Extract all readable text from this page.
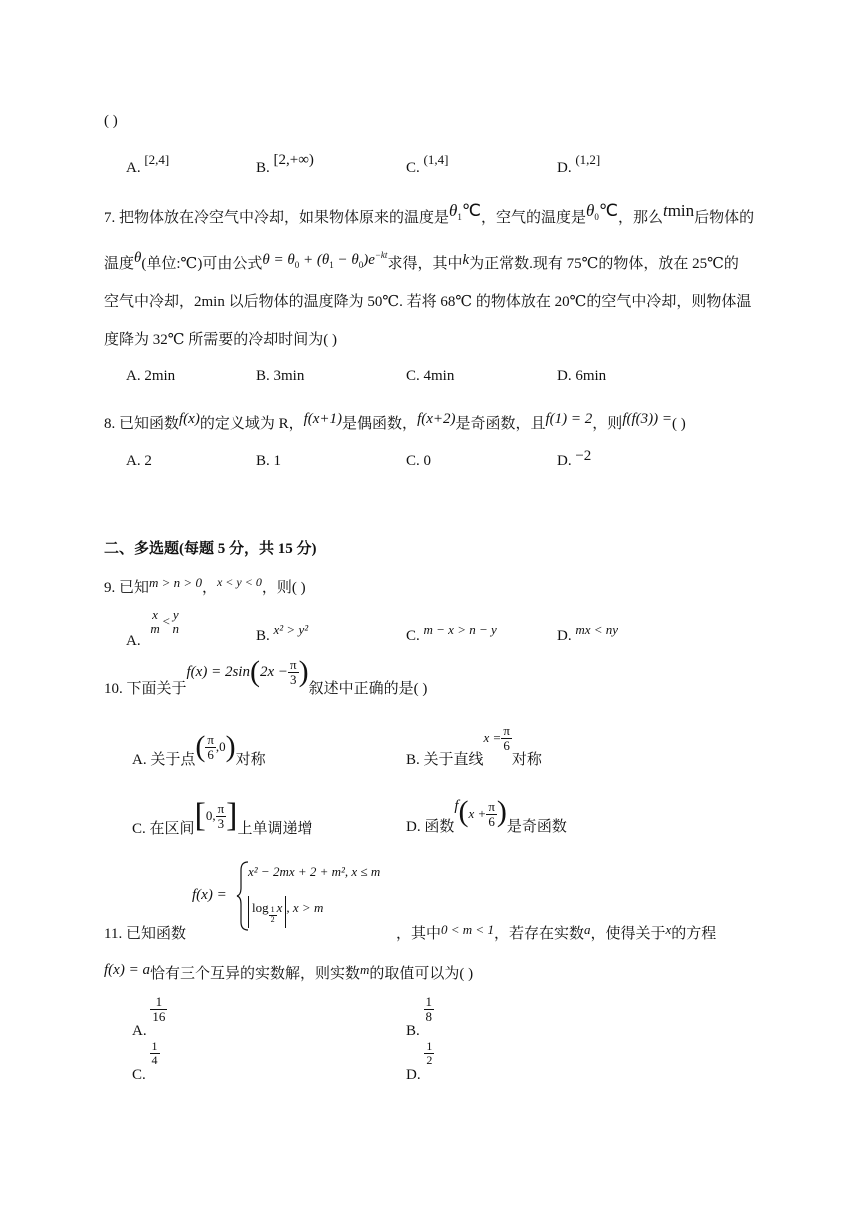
( )
A. [2,4]
B. [2,+∞)	C. (1,4]
D. (1,2]
7. 把物体放在冷空气中冷却，如果物体原来的温度是$\theta_1℃$，空气的温度是$\theta_0℃$，那么tmin后物体的
温度θ(单位:℃)可由公式$\theta = \theta_0 + (\theta_1 - \theta_0)e^{-kt}$求得，其中k为正常数.现有 75℃的物体，放在 25℃的
空气中冷却，2min 以后物体的温度降为 50℃. 若将 68℃ 的物体放在 20℃的空气中冷却，则物体温
度降为 32℃ 所需要的冷却时间为( )
A. 2min	B. 3min	C. 4min	D. 6min
8. 已知函数f(x)的定义域为 R，f(x+1)是偶函数，f(x+2)是奇函数，且f(1) = 2，则f(f(3)) =( )
A. 2	B. 1	C. 0	D. −2
二、多选题(每题 5 分，共 15 分)
9. 已知m > n > 0，$^{x < y < 0}$，则( )
A.
x
m < y
n	B. x² > y²	C. m − x > n − y	D. mx < ny
10. 下面关于$f(x) = 2\sin(2x - \frac{\pi}{3}$ )叙述中正确的是( )
A. 关于点( $\frac{\pi}{6} ,0$)对称	B. 关于直线$x = \frac{\pi}{6}$
对称
C. 在区间[0, $\frac{\pi}{3}$ ]上单调递增	D. 函数$f(x + \frac{\pi}{6}$ )是奇函数
f(x) =
x² − 2mx + 2 + m², x ≤ m
$\log \frac{1}{2}$ x , x > m
11. 已知函数	，其中0 < m < 1，若存在实数a，使得关于x的方程
f(x) = a恰有三个互异的实数解，则实数m的取值可以为( )
A.
$\frac{1}{16}$
B.
$\frac{1}{8}$
C.
$\frac{1}{4}$
D.
$\frac{1}{2}$
